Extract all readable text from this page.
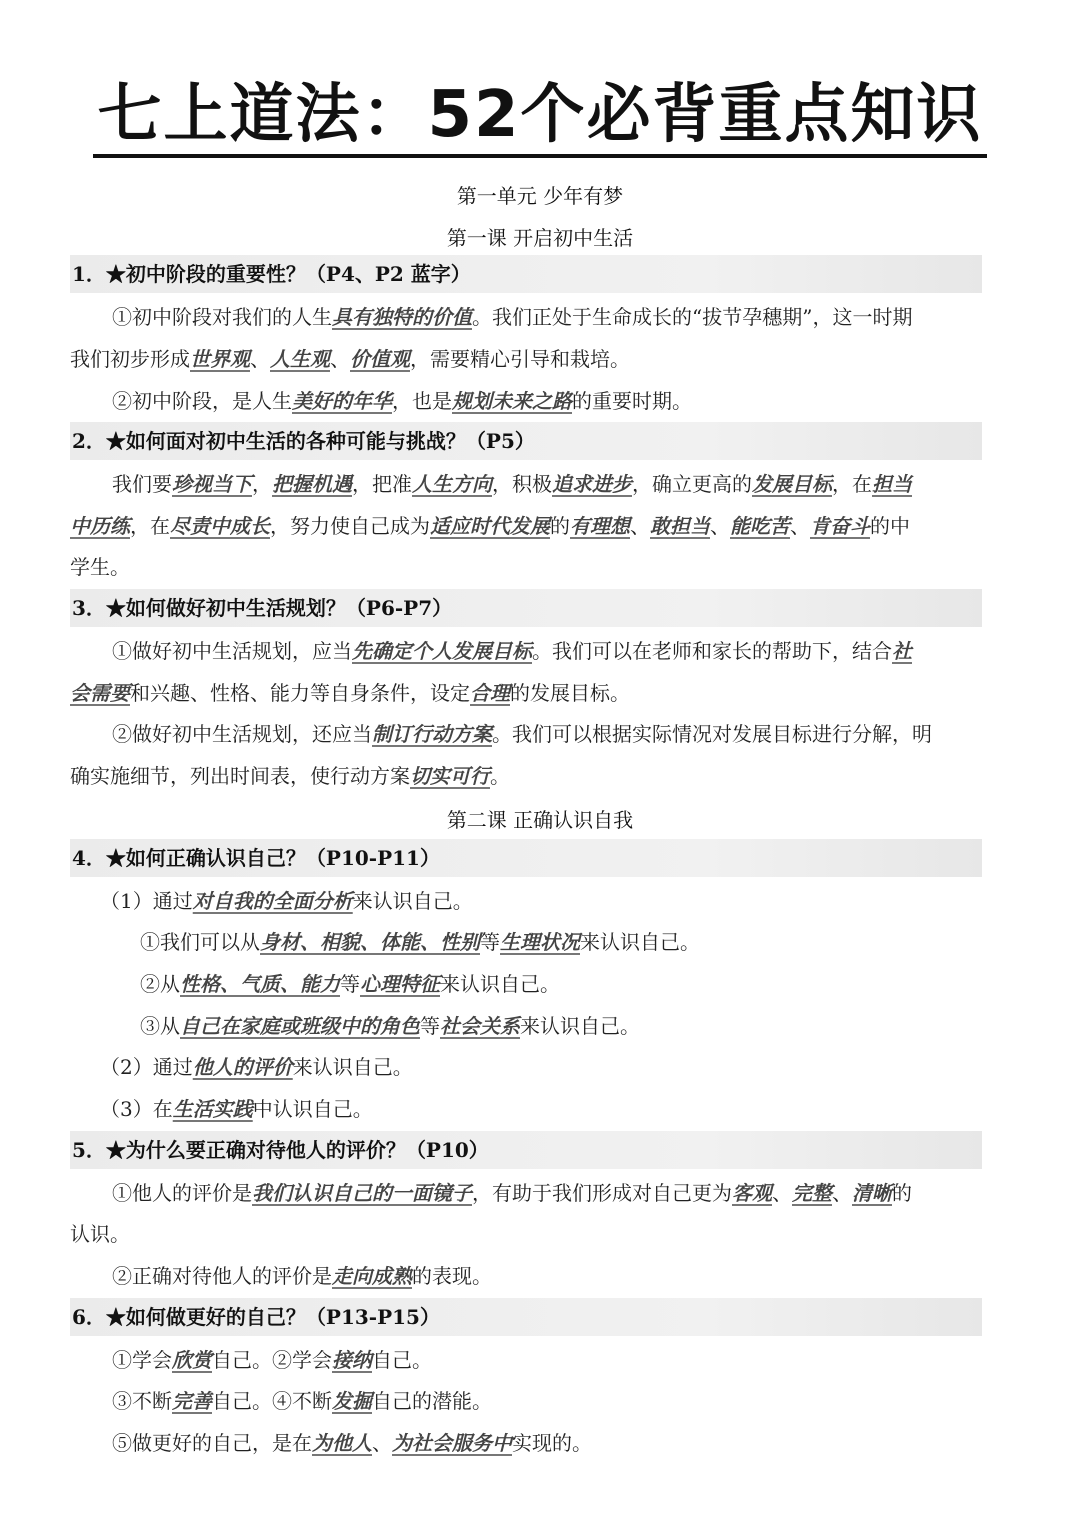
七上道法：52个必背重点知识
第一单元 少年有梦
第一课 开启初中生活
1．★初中阶段的重要性？（P4、P2 蓝字）
①初中阶段对我们的人生具有独特的价值。我们正处于生命成长的“拔节孕穗期”，这一时期
我们初步形成世界观、人生观、价值观，需要精心引导和栽培。
②初中阶段，是人生美好的年华，也是规划未来之路的重要时期。
2．★如何面对初中生活的各种可能与挑战？（P5）
我们要珍视当下，把握机遇，把准人生方向，积极追求进步，确立更高的发展目标，在担当
中历练，在尽责中成长，努力使自己成为适应时代发展的有理想、敢担当、能吃苦、肯奋斗的中
学生。
3．★如何做好初中生活规划？（P6-P7）
①做好初中生活规划，应当先确定个人发展目标。我们可以在老师和家长的帮助下，结合社
会需要和兴趣、性格、能力等自身条件，设定合理的发展目标。
②做好初中生活规划，还应当制订行动方案。我们可以根据实际情况对发展目标进行分解，明
确实施细节，列出时间表，使行动方案切实可行。
第二课 正确认识自我
4．★如何正确认识自己？（P10-P11）
（1）通过对自我的全面分析来认识自己。
①我们可以从身材、相貌、体能、性别等生理状况来认识自己。
②从性格、气质、能力等心理特征来认识自己。
③从自己在家庭或班级中的角色等社会关系来认识自己。
（2）通过他人的评价来认识自己。
（3）在生活实践中认识自己。
5．★为什么要正确对待他人的评价？（P10）
①他人的评价是我们认识自己的一面镜子，有助于我们形成对自己更为客观、完整、清晰的
认识。
②正确对待他人的评价是走向成熟的表现。
6．★如何做更好的自己？（P13-P15）
①学会欣赏自己。②学会接纳自己。
③不断完善自己。④不断发掘自己的潜能。
⑤做更好的自己，是在为他人、为社会服务中实现的。
